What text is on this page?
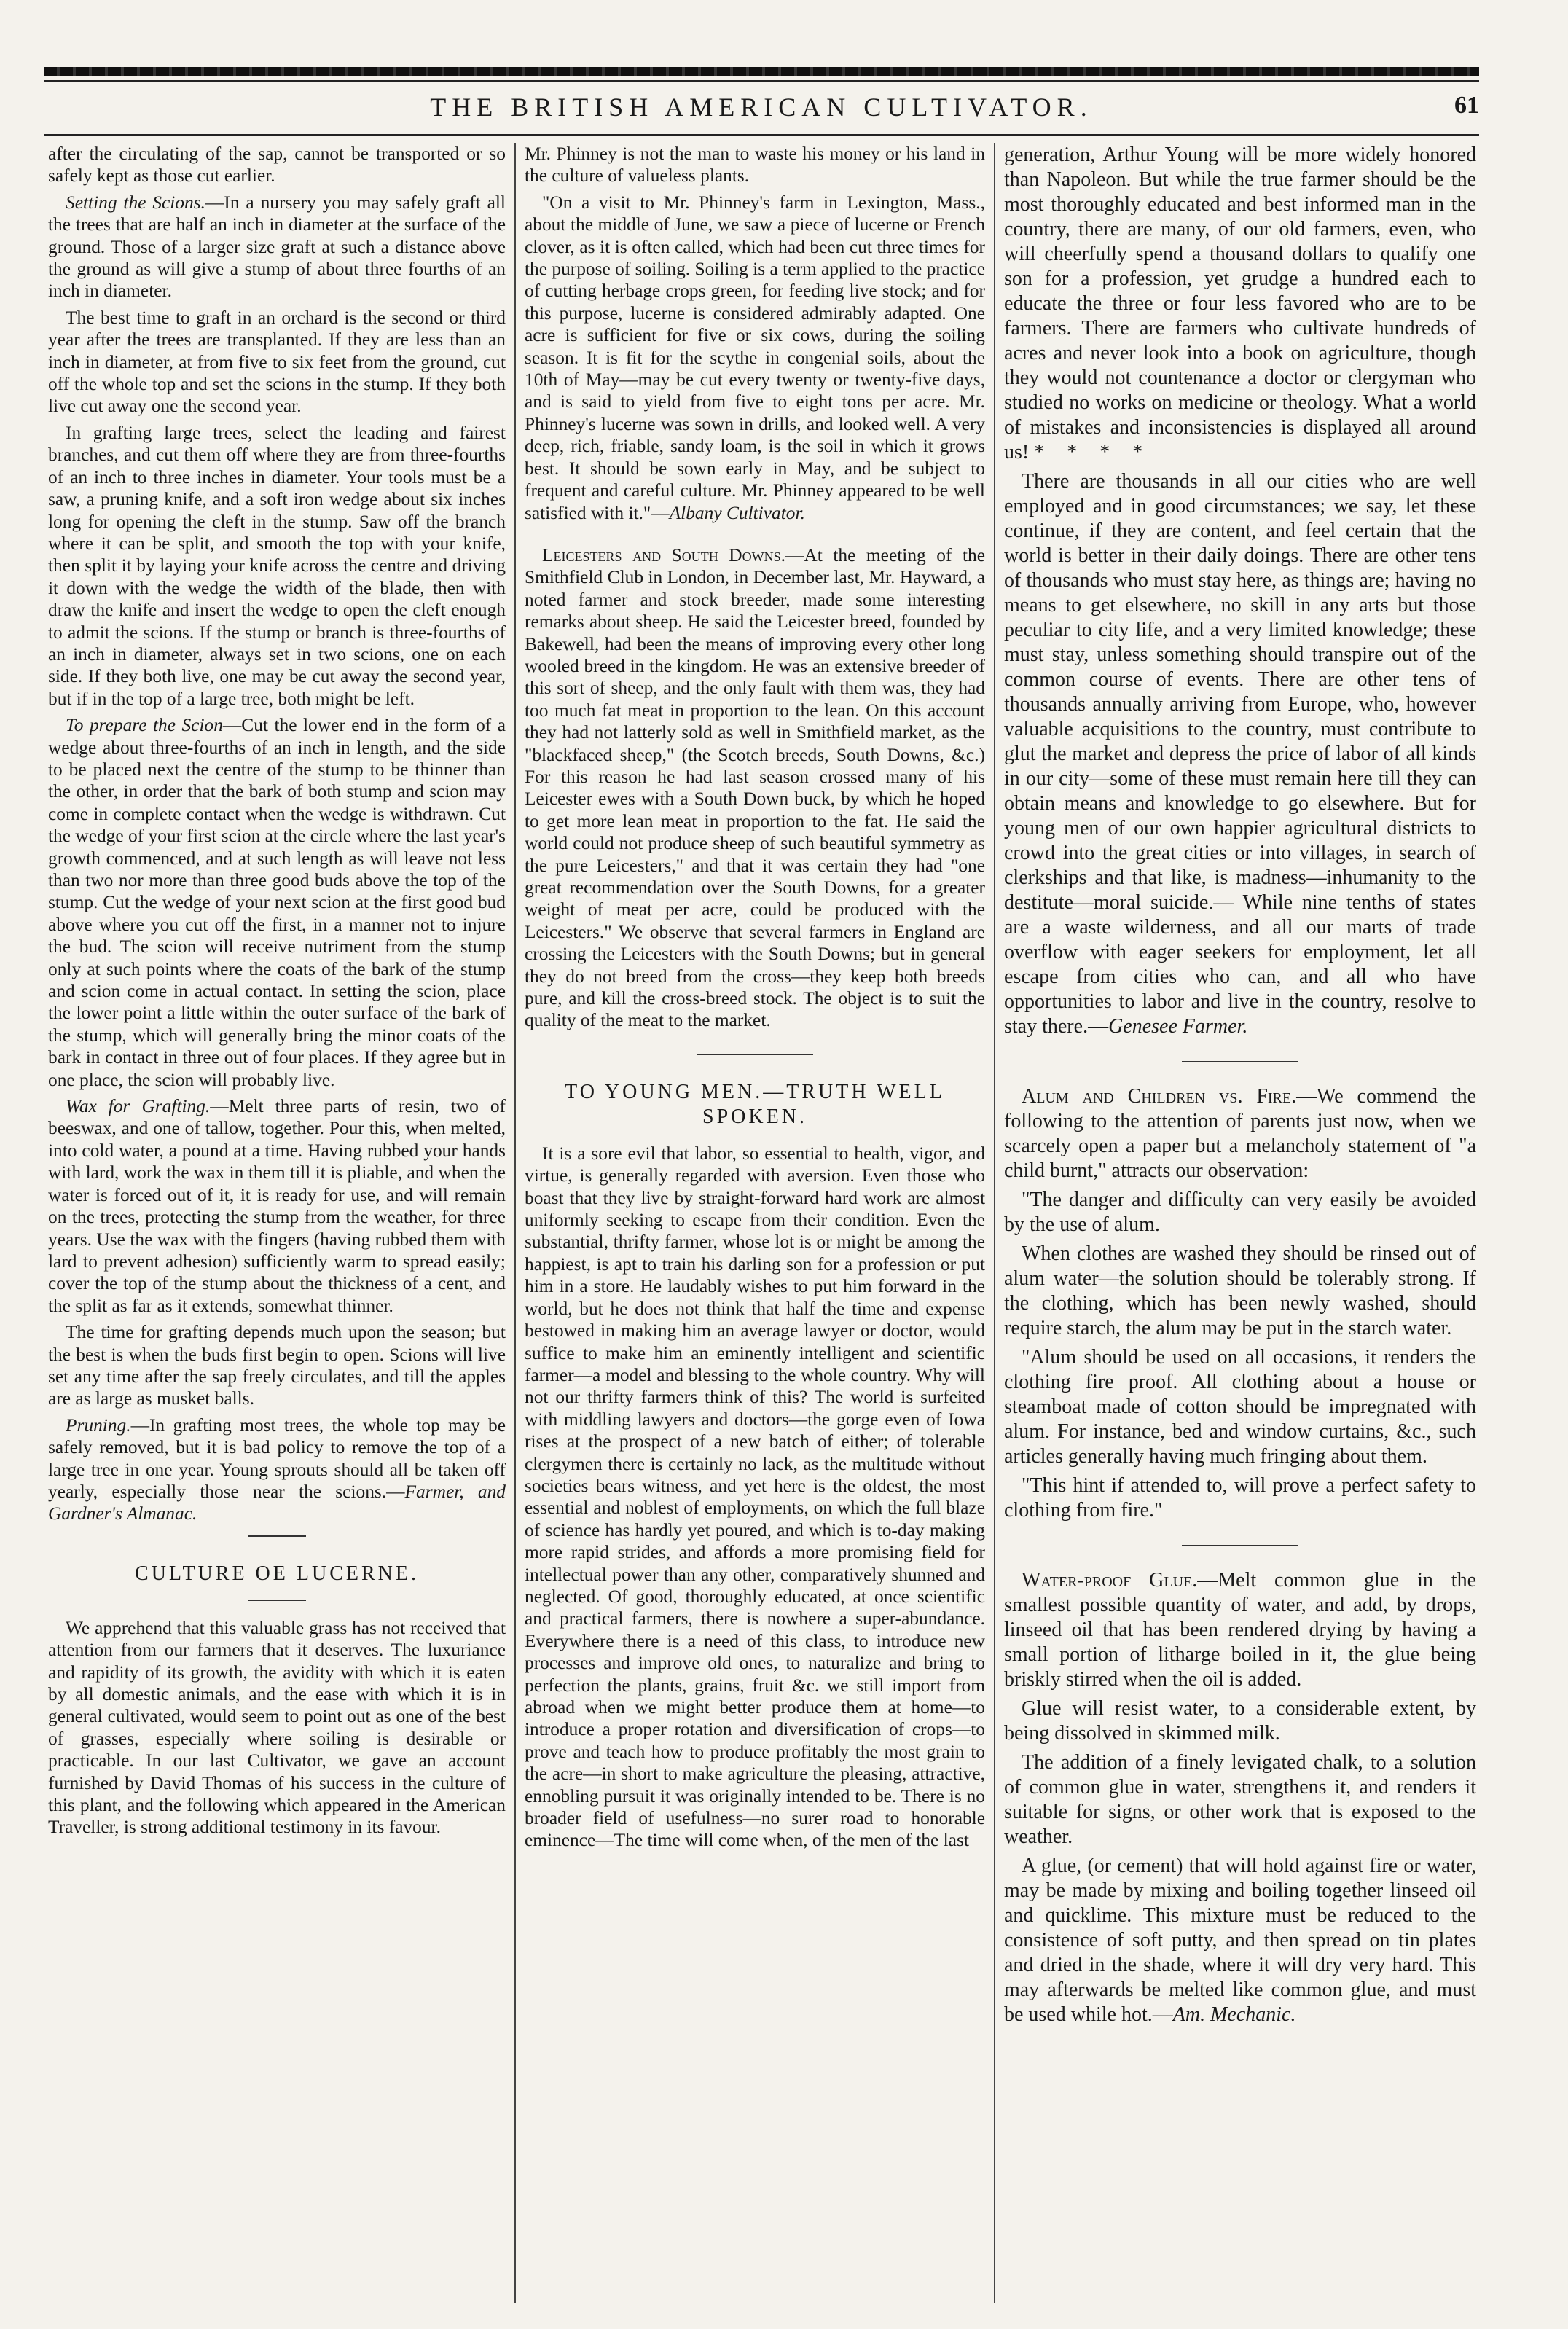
THE BRITISH AMERICAN CULTIVATOR.	61

after the circulating of the sap, cannot be transported or so safely kept as those cut earlier.

Setting the Scions.—In a nursery you may safely graft all the trees that are half an inch in diameter at the surface of the ground. Those of a larger size graft at such a distance above the ground as will give a stump of about three fourths of an inch in diameter.

The best time to graft in an orchard is the second or third year after the trees are transplanted. If they are less than an inch in diameter, at from five to six feet from the ground, cut off the whole top and set the scions in the stump. If they both live cut away one the second year.

In grafting large trees, select the leading and fairest branches, and cut them off where they are from three-fourths of an inch to three inches in diameter. Your tools must be a saw, a pruning knife, and a soft iron wedge about six inches long for opening the cleft in the stump. Saw off the branch where it can be split, and smooth the top with your knife, then split it by laying your knife across the centre and driving it down with the wedge the width of the blade, then with draw the knife and insert the wedge to open the cleft enough to admit the scions. If the stump or branch is three-fourths of an inch in diameter, always set in two scions, one on each side. If they both live, one may be cut away the second year, but if in the top of a large tree, both might be left.

To prepare the Scion—Cut the lower end in the form of a wedge about three-fourths of an inch in length, and the side to be placed next the centre of the stump to be thinner than the other, in order that the bark of both stump and scion may come in complete contact when the wedge is withdrawn. Cut the wedge of your first scion at the circle where the last year's growth commenced, and at such length as will leave not less than two nor more than three good buds above the top of the stump. Cut the wedge of your next scion at the first good bud above where you cut off the first, in a manner not to injure the bud. The scion will receive nutriment from the stump only at such points where the coats of the bark of the stump and scion come in actual contact. In setting the scion, place the lower point a little within the outer surface of the bark of the stump, which will generally bring the minor coats of the bark in contact in three out of four places. If they agree but in one place, the scion will probably live.

Wax for Grafting.—Melt three parts of resin, two of beeswax, and one of tallow, together. Pour this, when melted, into cold water, a pound at a time. Having rubbed your hands with lard, work the wax in them till it is pliable, and when the water is forced out of it, it is ready for use, and will remain on the trees, protecting the stump from the weather, for three years. Use the wax with the fingers (having rubbed them with lard to prevent adhesion) sufficiently warm to spread easily; cover the top of the stump about the thickness of a cent, and the split as far as it extends, somewhat thinner.

The time for grafting depends much upon the season; but the best is when the buds first begin to open. Scions will live set any time after the sap freely circulates, and till the apples are as large as musket balls.

Pruning.—In grafting most trees, the whole top may be safely removed, but it is bad policy to remove the top of a large tree in one year. Young sprouts should all be taken off yearly, especially those near the scions.—Farmer, and Gardner's Almanac.

CULTURE OE LUCERNE.

We apprehend that this valuable grass has not received that attention from our farmers that it deserves. The luxuriance and rapidity of its growth, the avidity with which it is eaten by all domestic animals, and the ease with which it is in general cultivated, would seem to point out as one of the best of grasses, especially where soiling is desirable or practicable. In our last Cultivator, we gave an account furnished by David Thomas of his success in the culture of this plant, and the following which appeared in the American Traveller, is strong additional testimony in its favour.

Mr. Phinney is not the man to waste his money or his land in the culture of valueless plants.

"On a visit to Mr. Phinney's farm in Lexington, Mass., about the middle of June, we saw a piece of lucerne or French clover, as it is often called, which had been cut three times for the purpose of soiling. Soiling is a term applied to the practice of cutting herbage crops green, for feeding live stock; and for this purpose, lucerne is considered admirably adapted. One acre is sufficient for five or six cows, during the soiling season. It is fit for the scythe in congenial soils, about the 10th of May—may be cut every twenty or twenty-five days, and is said to yield from five to eight tons per acre. Mr. Phinney's lucerne was sown in drills, and looked well. A very deep, rich, friable, sandy loam, is the soil in which it grows best. It should be sown early in May, and be subject to frequent and careful culture. Mr. Phinney appeared to be well satisfied with it."—Albany Cultivator.

Leicesters and South Downs.—At the meeting of the Smithfield Club in London, in December last, Mr. Hayward, a noted farmer and stock breeder, made some interesting remarks about sheep. He said the Leicester breed, founded by Bakewell, had been the means of improving every other long wooled breed in the kingdom. He was an extensive breeder of this sort of sheep, and the only fault with them was, they had too much fat meat in proportion to the lean. On this account they had not latterly sold as well in Smithfield market, as the "blackfaced sheep," (the Scotch breeds, South Downs, &c.) For this reason he had last season crossed many of his Leicester ewes with a South Down buck, by which he hoped to get more lean meat in proportion to the fat. He said the world could not produce sheep of such beautiful symmetry as the pure Leicesters," and that it was certain they had "one great recommendation over the South Downs, for a greater weight of meat per acre, could be produced with the Leicesters." We observe that several farmers in England are crossing the Leicesters with the South Downs; but in general they do not breed from the cross—they keep both breeds pure, and kill the cross-breed stock. The object is to suit the quality of the meat to the market.

TO YOUNG MEN.—TRUTH WELL SPOKEN.

It is a sore evil that labor, so essential to health, vigor, and virtue, is generally regarded with aversion. Even those who boast that they live by straight-forward hard work are almost uniformly seeking to escape from their condition. Even the substantial, thrifty farmer, whose lot is or might be among the happiest, is apt to train his darling son for a profession or put him in a store. He laudably wishes to put him forward in the world, but he does not think that half the time and expense bestowed in making him an average lawyer or doctor, would suffice to make him an eminently intelligent and scientific farmer—a model and blessing to the whole country. Why will not our thrifty farmers think of this? The world is surfeited with middling lawyers and doctors—the gorge even of Iowa rises at the prospect of a new batch of either; of tolerable clergymen there is certainly no lack, as the multitude without societies bears witness, and yet here is the oldest, the most essential and noblest of employments, on which the full blaze of science has hardly yet poured, and which is to-day making more rapid strides, and affords a more promising field for intellectual power than any other, comparatively shunned and neglected. Of good, thoroughly educated, at once scientific and practical farmers, there is nowhere a super-abundance. Everywhere there is a need of this class, to introduce new processes and improve old ones, to naturalize and bring to perfection the plants, grains, fruit &c. we still import from abroad when we might better produce them at home—to introduce a proper rotation and diversification of crops—to prove and teach how to produce profitably the most grain to the acre—in short to make agriculture the pleasing, attractive, ennobling pursuit it was originally intended to be. There is no broader field of usefulness—no surer road to honorable eminence—The time will come when, of the men of the last

generation, Arthur Young will be more widely honored than Napoleon. But while the true farmer should be the most thoroughly educated and best informed man in the country, there are many, of our old farmers, even, who will cheerfully spend a thousand dollars to qualify one son for a profession, yet grudge a hundred each to educate the three or four less favored who are to be farmers. There are farmers who cultivate hundreds of acres and never look into a book on agriculture, though they would not countenance a doctor or clergyman who studied no works on medicine or theology. What a world of mistakes and inconsistencies is displayed all around us! * * * *

There are thousands in all our cities who are well employed and in good circumstances; we say, let these continue, if they are content, and feel certain that the world is better in their daily doings. There are other tens of thousands who must stay here, as things are; having no means to get elsewhere, no skill in any arts but those peculiar to city life, and a very limited knowledge; these must stay, unless something should transpire out of the common course of events. There are other tens of thousands annually arriving from Europe, who, however valuable acquisitions to the country, must contribute to glut the market and depress the price of labor of all kinds in our city—some of these must remain here till they can obtain means and knowledge to go elsewhere. But for young men of our own happier agricultural districts to crowd into the great cities or into villages, in search of clerkships and that like, is madness—inhumanity to the destitute—moral suicide.— While nine tenths of states are a waste wilderness, and all our marts of trade overflow with eager seekers for employment, let all escape from cities who can, and all who have opportunities to labor and live in the country, resolve to stay there.—Genesee Farmer.

Alum and Children vs. Fire.—We commend the following to the attention of parents just now, when we scarcely open a paper but a melancholy statement of "a child burnt," attracts our observation:

"The danger and difficulty can very easily be avoided by the use of alum.

When clothes are washed they should be rinsed out of alum water—the solution should be tolerably strong. If the clothing, which has been newly washed, should require starch, the alum may be put in the starch water.

"Alum should be used on all occasions, it renders the clothing fire proof. All clothing about a house or steamboat made of cotton should be impregnated with alum. For instance, bed and window curtains, &c., such articles generally having much fringing about them.

"This hint if attended to, will prove a perfect safety to clothing from fire."

Water-proof Glue.—Melt common glue in the smallest possible quantity of water, and add, by drops, linseed oil that has been rendered drying by having a small portion of litharge boiled in it, the glue being briskly stirred when the oil is added.

Glue will resist water, to a considerable extent, by being dissolved in skimmed milk.

The addition of a finely levigated chalk, to a solution of common glue in water, strengthens it, and renders it suitable for signs, or other work that is exposed to the weather.

A glue, (or cement) that will hold against fire or water, may be made by mixing and boiling together linseed oil and quicklime. This mixture must be reduced to the consistence of soft putty, and then spread on tin plates and dried in the shade, where it will dry very hard. This may afterwards be melted like common glue, and must be used while hot.—Am. Mechanic.
